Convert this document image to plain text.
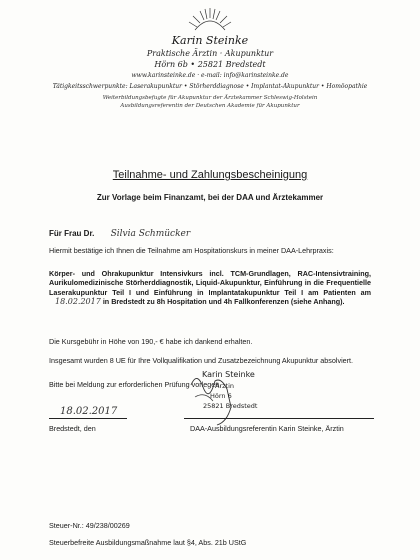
Karin Steinke
Praktische Ärztin · Akupunktur
Hörn 6b • 25821 Bredstedt
www.karinsteinke.de · e-mail: info@karinsteinke.de
Tätigkeitsschwerpunkte: Laserakupunktur • Störherddiagnose • Implantat-Akupunktur • Homöopathie
Weiterbildungsbefugte für Akupunktur der Ärztekammer Schleswig-Holstein
Ausbildungsreferentin der Deutschen Akademie für Akupunktur
Teilnahme- und Zahlungsbescheinigung
Zur Vorlage beim Finanzamt, bei der DAA und Ärztekammer
Für Frau Dr. Silvia Schmücker
Hiermit bestätige ich Ihnen die Teilnahme am Hospitationskurs in meiner DAA-Lehrpraxis:
Körper- und Ohrakupunktur Intensivkurs incl. TCM-Grundlagen, RAC-Intensivtraining, Aurikulomedizinische Störherddiagnostik, Liquid-Akupunktur, Einführung in die Frequentielle Laserakupunktur Teil I und Einführung in Implantatakupunktur Teil I am Patienten am 18.02.2017 in Bredstedt zu 8h Hospitation und 4h Fallkonferenzen (siehe Anhang).
Die Kursgebühr in Höhe von 190,- € habe ich dankend erhalten.
Insgesamt wurden 8 UE für Ihre Vollqualifikation und Zusatzbezeichnung Akupunktur absolviert.
Bitte bei Meldung zur erforderlichen Prüfung vorlegen.
Karin Steinke
Ärztin
Hörn 6
25821 Bredstedt
18.02.2017
Bredstedt, den	DAA-Ausbildungsreferentin Karin Steinke, Ärztin
Steuer-Nr.: 49/238/00269
Steuerbefreite Ausbildungsmaßnahme laut §4, Abs. 21b UStG
